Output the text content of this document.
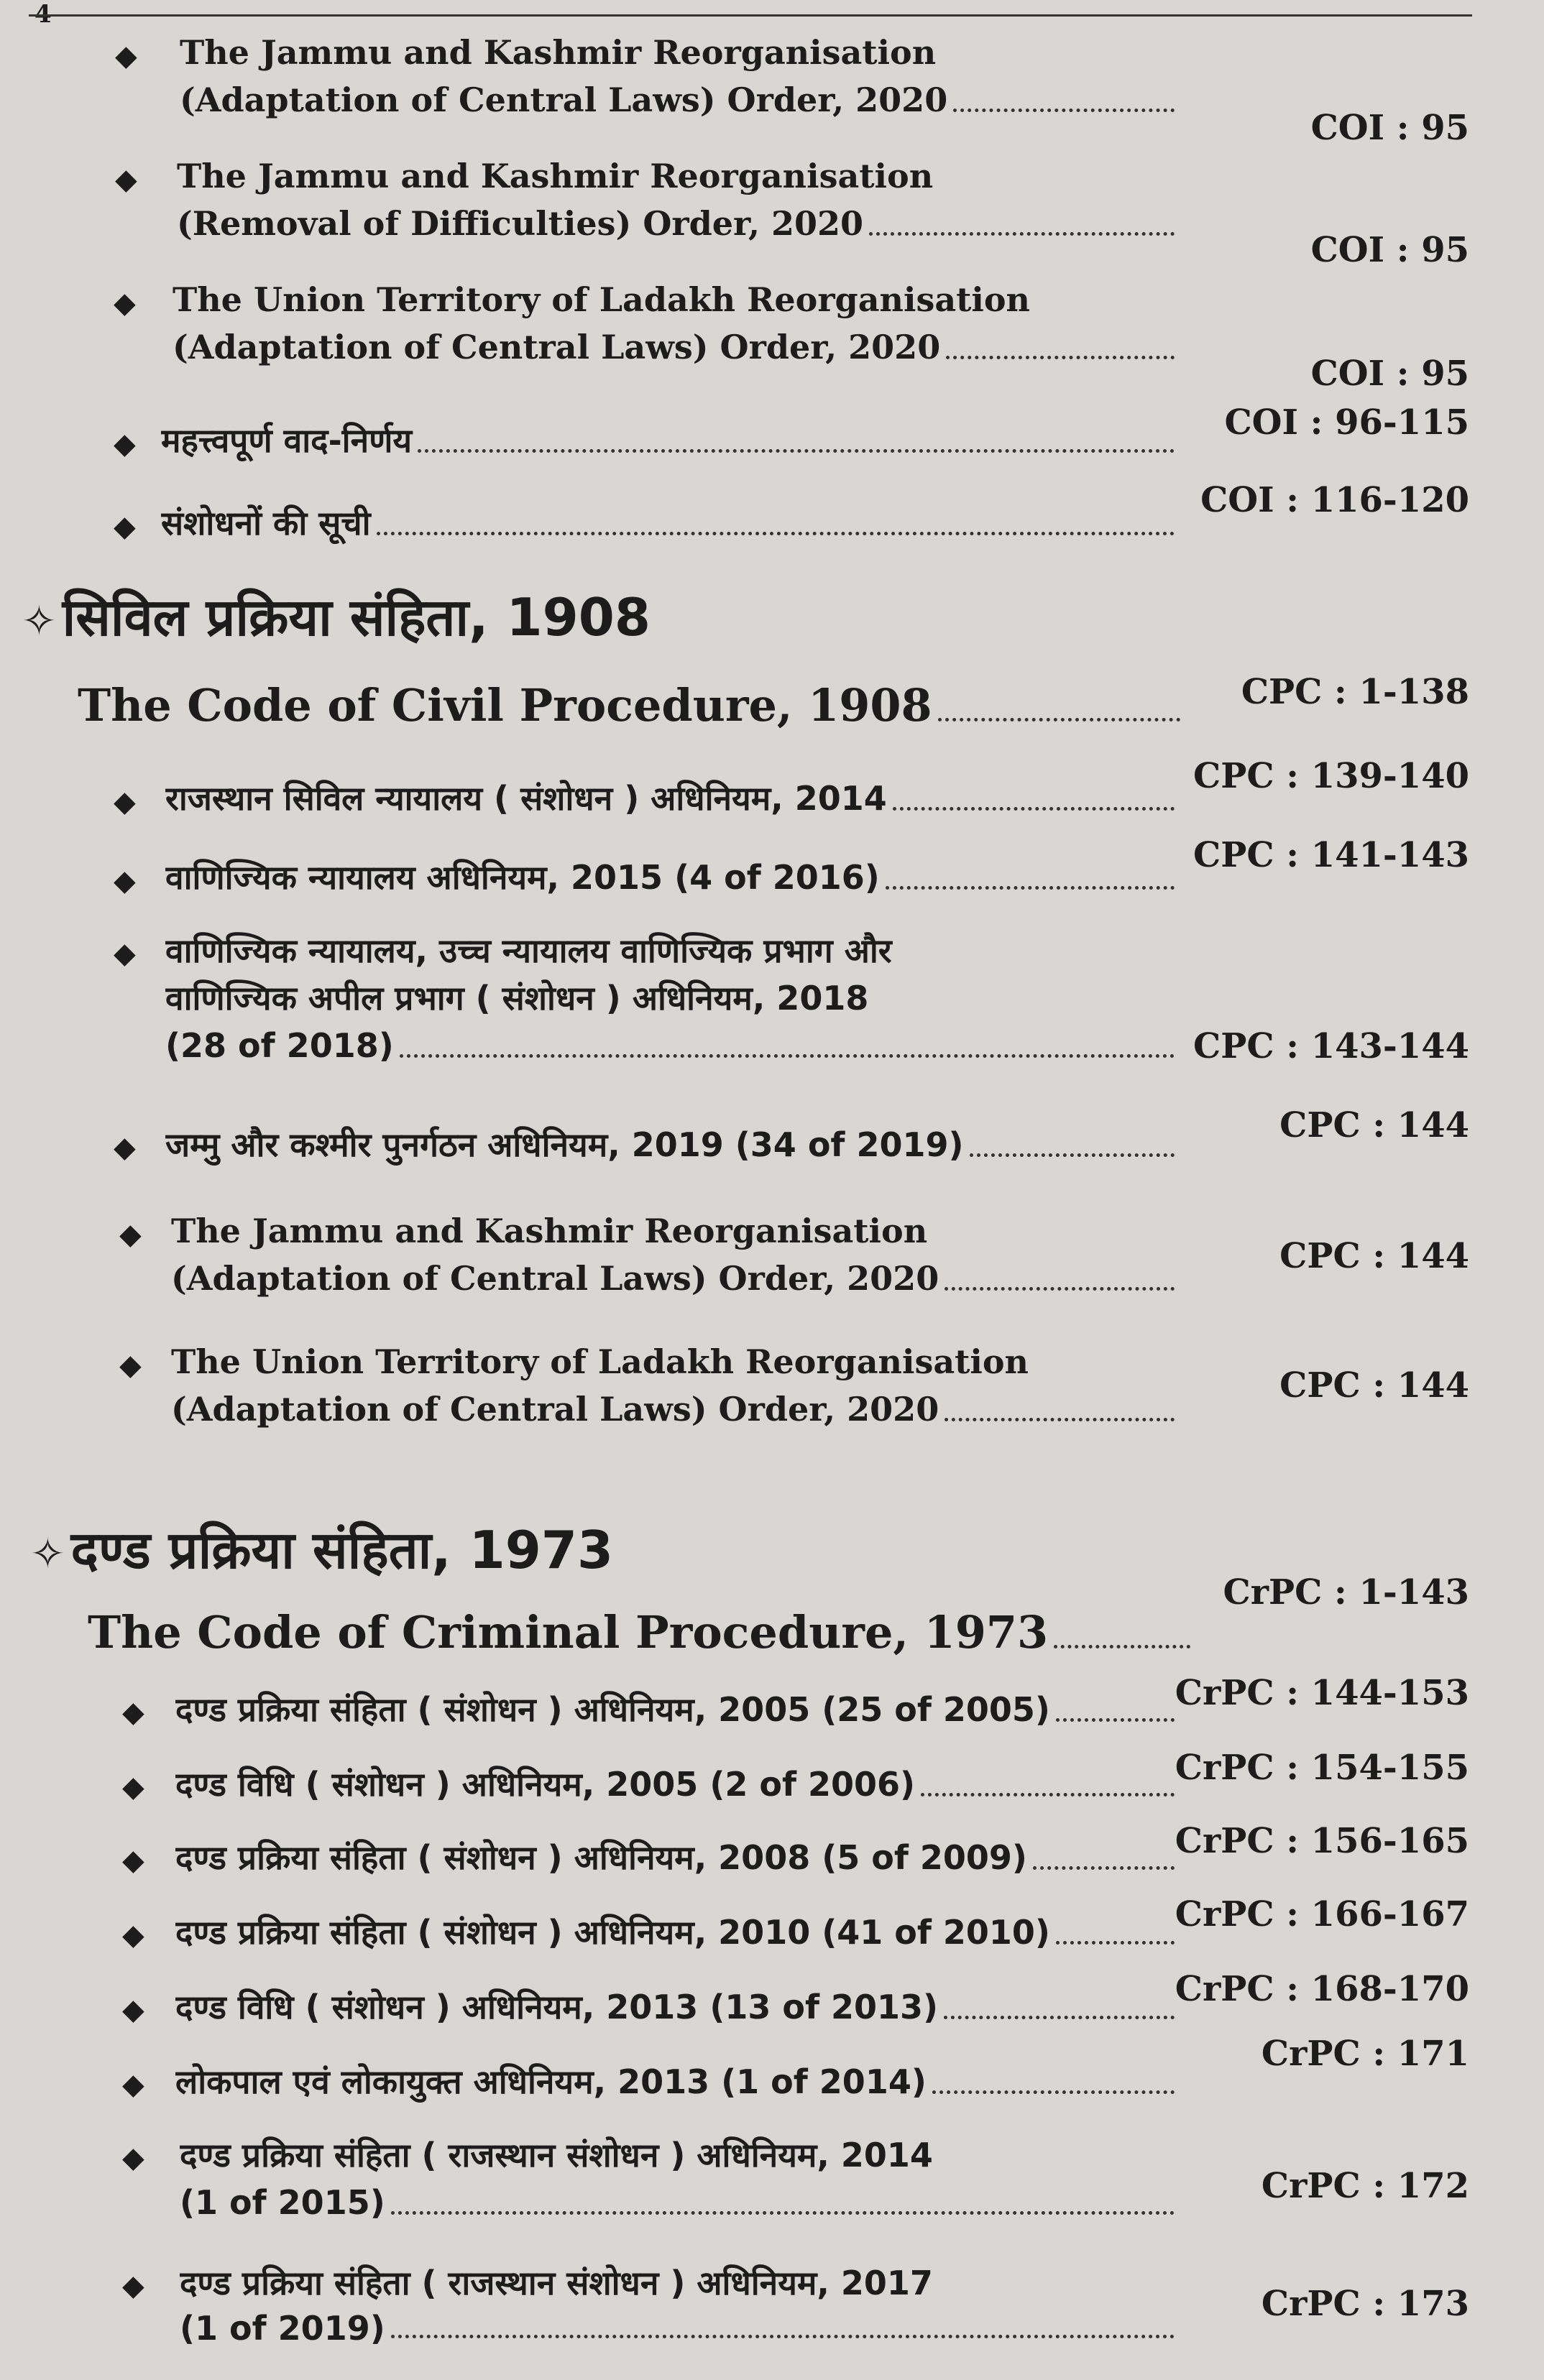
4
◆ The Jammu and Kashmir Reorganisation
(Adaptation of Central Laws) Order, 2020
COI : 95
◆ The Jammu and Kashmir Reorganisation
(Removal of Difficulties) Order, 2020
COI : 95
◆ The Union Territory of Ladakh Reorganisation
(Adaptation of Central Laws) Order, 2020
COI : 95
◆ महत्त्वपूर्ण वाद-निर्णय	COI : 96-115
◆ संशोधनों की सूची
COI : 116-120
✧ सिविल प्रक्रिया संहिता, 1908
The Code of Civil Procedure, 1908	CPC : 1-138
◆ राजस्थान सिविल न्यायालय ( संशोधन ) अधिनियम, 2014
CPC : 139-140
◆ वाणिज्यिक न्यायालय अधिनियम, 2015 (4 of 2016)
CPC : 141-143
◆ वाणिज्यिक न्यायालय, उच्च न्यायालय वाणिज्यिक प्रभाग और
वाणिज्यिक अपील प्रभाग ( संशोधन ) अधिनियम, 2018
(28 of 2018)	CPC : 143-144
◆ जम्मु और कश्मीर पुनर्गठन अधिनियम, 2019 (34 of 2019)	CPC : 144
◆ The Jammu and Kashmir Reorganisation
(Adaptation of Central Laws) Order, 2020
CPC : 144
◆ The Union Territory of Ladakh Reorganisation
(Adaptation of Central Laws) Order, 2020
CPC : 144
✧ दण्ड प्रक्रिया संहिता, 1973
The Code of Criminal Procedure, 1973
CrPC : 1-143
◆ दण्ड प्रक्रिया संहिता ( संशोधन ) अधिनियम, 2005 (25 of 2005)	CrPC : 144-153
◆ दण्ड विधि ( संशोधन ) अधिनियम, 2005 (2 of 2006)	CrPC : 154-155
◆ दण्ड प्रक्रिया संहिता ( संशोधन ) अधिनियम, 2008 (5 of 2009)	CrPC : 156-165
◆ दण्ड प्रक्रिया संहिता ( संशोधन ) अधिनियम, 2010 (41 of 2010)	CrPC : 166-167
◆ दण्ड विधि ( संशोधन ) अधिनियम, 2013 (13 of 2013)	CrPC : 168-170
◆ लोकपाल एवं लोकायुक्त अधिनियम, 2013 (1 of 2014)
CrPC : 171
◆ दण्ड प्रक्रिया संहिता ( राजस्थान संशोधन ) अधिनियम, 2014
(1 of 2015)	CrPC : 172
◆ दण्ड प्रक्रिया संहिता ( राजस्थान संशोधन ) अधिनियम, 2017
(1 of 2019)
CrPC : 173
